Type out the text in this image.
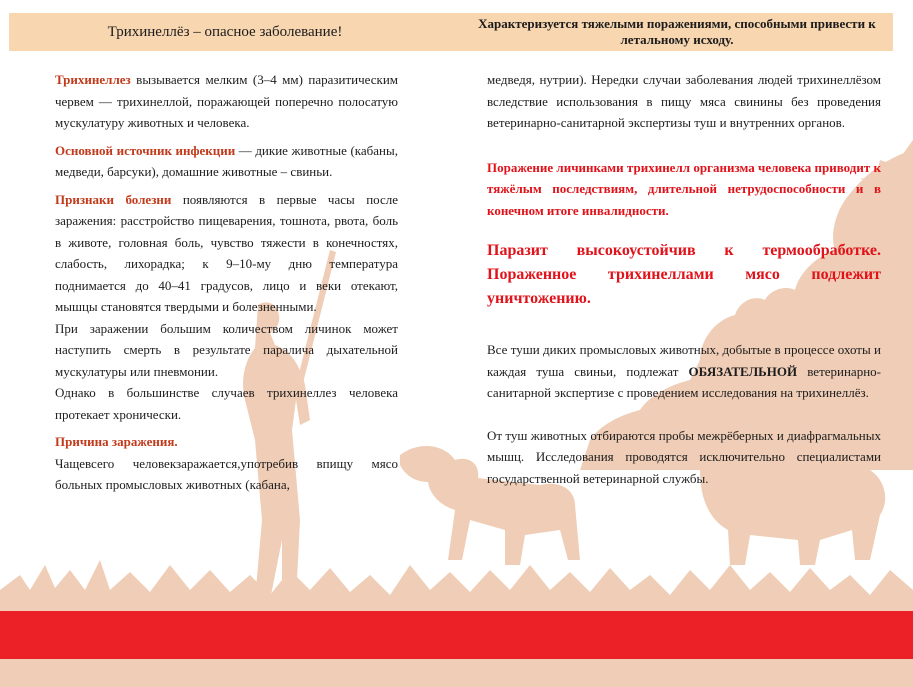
Трихинеллёз – опасное заболевание!	Характеризуется тяжелыми поражениями, способными привести к летальному исходу.

Трихинеллез вызывается мелким (3–4 мм) паразитическим червем — трихинеллой, поражающей поперечно полосатую мускулатуру животных и человека.

Основной источник инфекции — дикие животные (кабаны, медведи, барсуки), домашние животные – свиньи.

Признаки болезни появляются в первые часы после заражения: расстройство пищеварения, тошнота, рвота, боль в животе, головная боль, чувство тяжести в конечностях, слабость, лихорадка; к 9–10-му дню температура поднимается до 40–41 градусов, лицо и веки отекают, мышцы становятся твердыми и болезненными.

При заражении большим количеством личинок может наступить смерть в результате паралича дыхательной мускулатуры или пневмонии.

Однако в большинстве случаев трихинеллез человека протекает хронически.

Причина заражения.

Чащевсего человекзаражается,употребив впищу мясо больных промысловых животных (кабана,

медведя, нутрии). Нередки случаи заболевания людей трихинеллёзом вследствие использования в пищу мяса свинины без проведения ветеринарно-санитарной экспертизы туш и внутренних органов.

Поражение личинками трихинелл организма человека приводит к тяжёлым последствиям, длительной нетрудоспособности и в конечном итоге инвалидности.

Паразит высокоустойчив к термообработке. Пораженное трихинеллами мясо подлежит уничтожению.

Все туши диких промысловых животных, добытые в процессе охоты и каждая туша свиньи, подлежат ОБЯЗАТЕЛЬНОЙ ветеринарно-санитарной экспертизе с проведением исследования на трихинеллёз.

От туш животных отбираются пробы межрёберных и диафрагмальных мышц. Исследования проводятся исключительно специалистами государственной ветеринарной службы.
